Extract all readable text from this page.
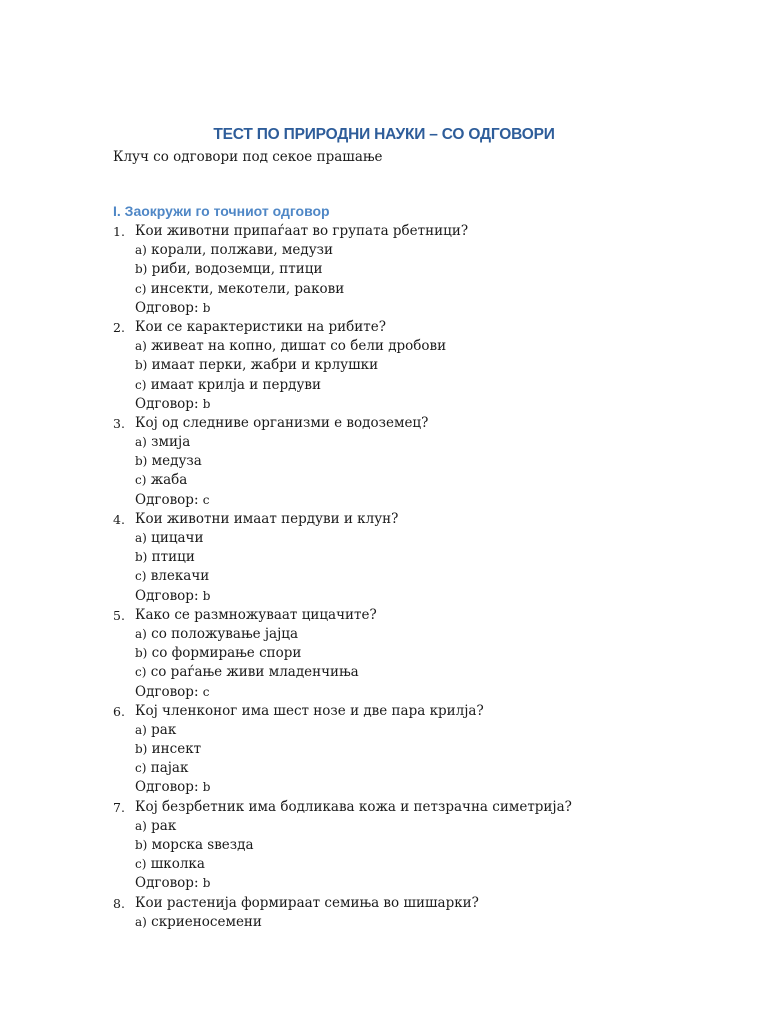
ТЕСТ ПО ПРИРОДНИ НАУКИ – СО ОДГОВОРИ
Клуч со одговори под секое прашање
I. Заокружи го точниот одговор
1. Кои животни припаѓаат во групата рбетници?
a) корали, полжави, медузи
b) риби, водоземци, птици
c) инсекти, мекотели, ракови
Одговор: b
2. Кои се карактеристики на рибите?
a) живеат на копно, дишат со бели дробови
b) имаат перки, жабри и крлушки
c) имаат крилја и пердуви
Одговор: b
3. Кој од следниве организми е водоземец?
a) змија
b) медуза
c) жаба
Одговор: c
4. Кои животни имаат пердуви и клун?
a) цицачи
b) птици
c) влекачи
Одговор: b
5. Како се размножуваат цицачите?
a) со положување јајца
b) со формирање спори
c) со раѓање живи младенчиња
Одговор: c
6. Кој членконог има шест нозе и две пара крилја?
a) рак
b) инсект
c) пајак
Одговор: b
7. Кој безрбетник има бодликава кожа и петзрачна симетрија?
a) рак
b) морска ѕвезда
c) школка
Одговор: b
8. Кои растенија формираат семиња во шишарки?
a) скриеносемени
